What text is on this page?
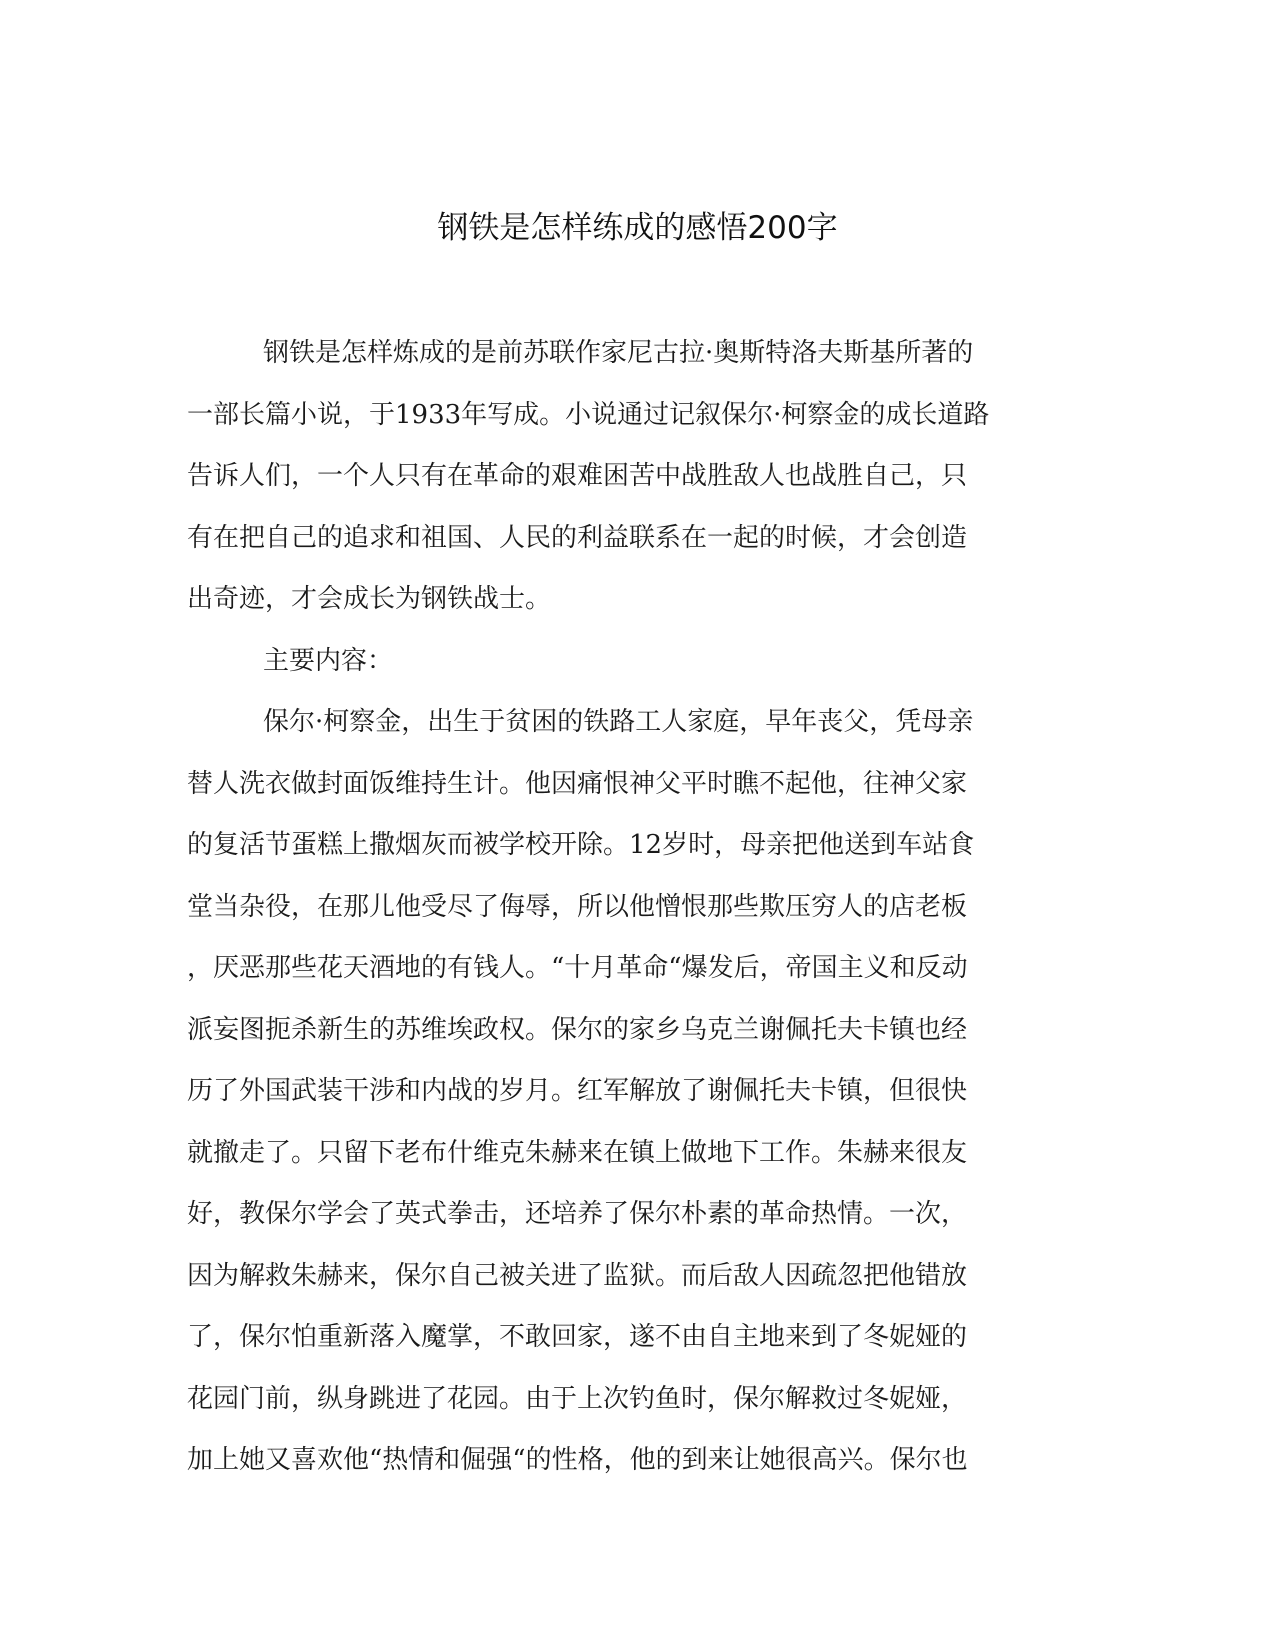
钢铁是怎样练成的感悟200字
钢铁是怎样炼成的是前苏联作家尼古拉·奥斯特洛夫斯基所著的
一部长篇小说，于1933年写成。小说通过记叙保尔·柯察金的成长道路
告诉人们，一个人只有在革命的艰难困苦中战胜敌人也战胜自己，只
有在把自己的追求和祖国、人民的利益联系在一起的时候，才会创造
出奇迹，才会成长为钢铁战士。
主要内容：
保尔·柯察金，出生于贫困的铁路工人家庭，早年丧父，凭母亲
替人洗衣做封面饭维持生计。他因痛恨神父平时瞧不起他，往神父家
的复活节蛋糕上撒烟灰而被学校开除。12岁时，母亲把他送到车站食
堂当杂役，在那儿他受尽了侮辱，所以他憎恨那些欺压穷人的店老板
，厌恶那些花天酒地的有钱人。“十月革命“爆发后，帝国主义和反动
派妄图扼杀新生的苏维埃政权。保尔的家乡乌克兰谢佩托夫卡镇也经
历了外国武装干涉和内战的岁月。红军解放了谢佩托夫卡镇，但很快
就撤走了。只留下老布什维克朱赫来在镇上做地下工作。朱赫来很友
好，教保尔学会了英式拳击，还培养了保尔朴素的革命热情。一次，
因为解救朱赫来，保尔自己被关进了监狱。而后敌人因疏忽把他错放
了，保尔怕重新落入魔掌，不敢回家，遂不由自主地来到了冬妮娅的
花园门前，纵身跳进了花园。由于上次钓鱼时，保尔解救过冬妮娅，
加上她又喜欢他“热情和倔强“的性格，他的到来让她很高兴。保尔也
